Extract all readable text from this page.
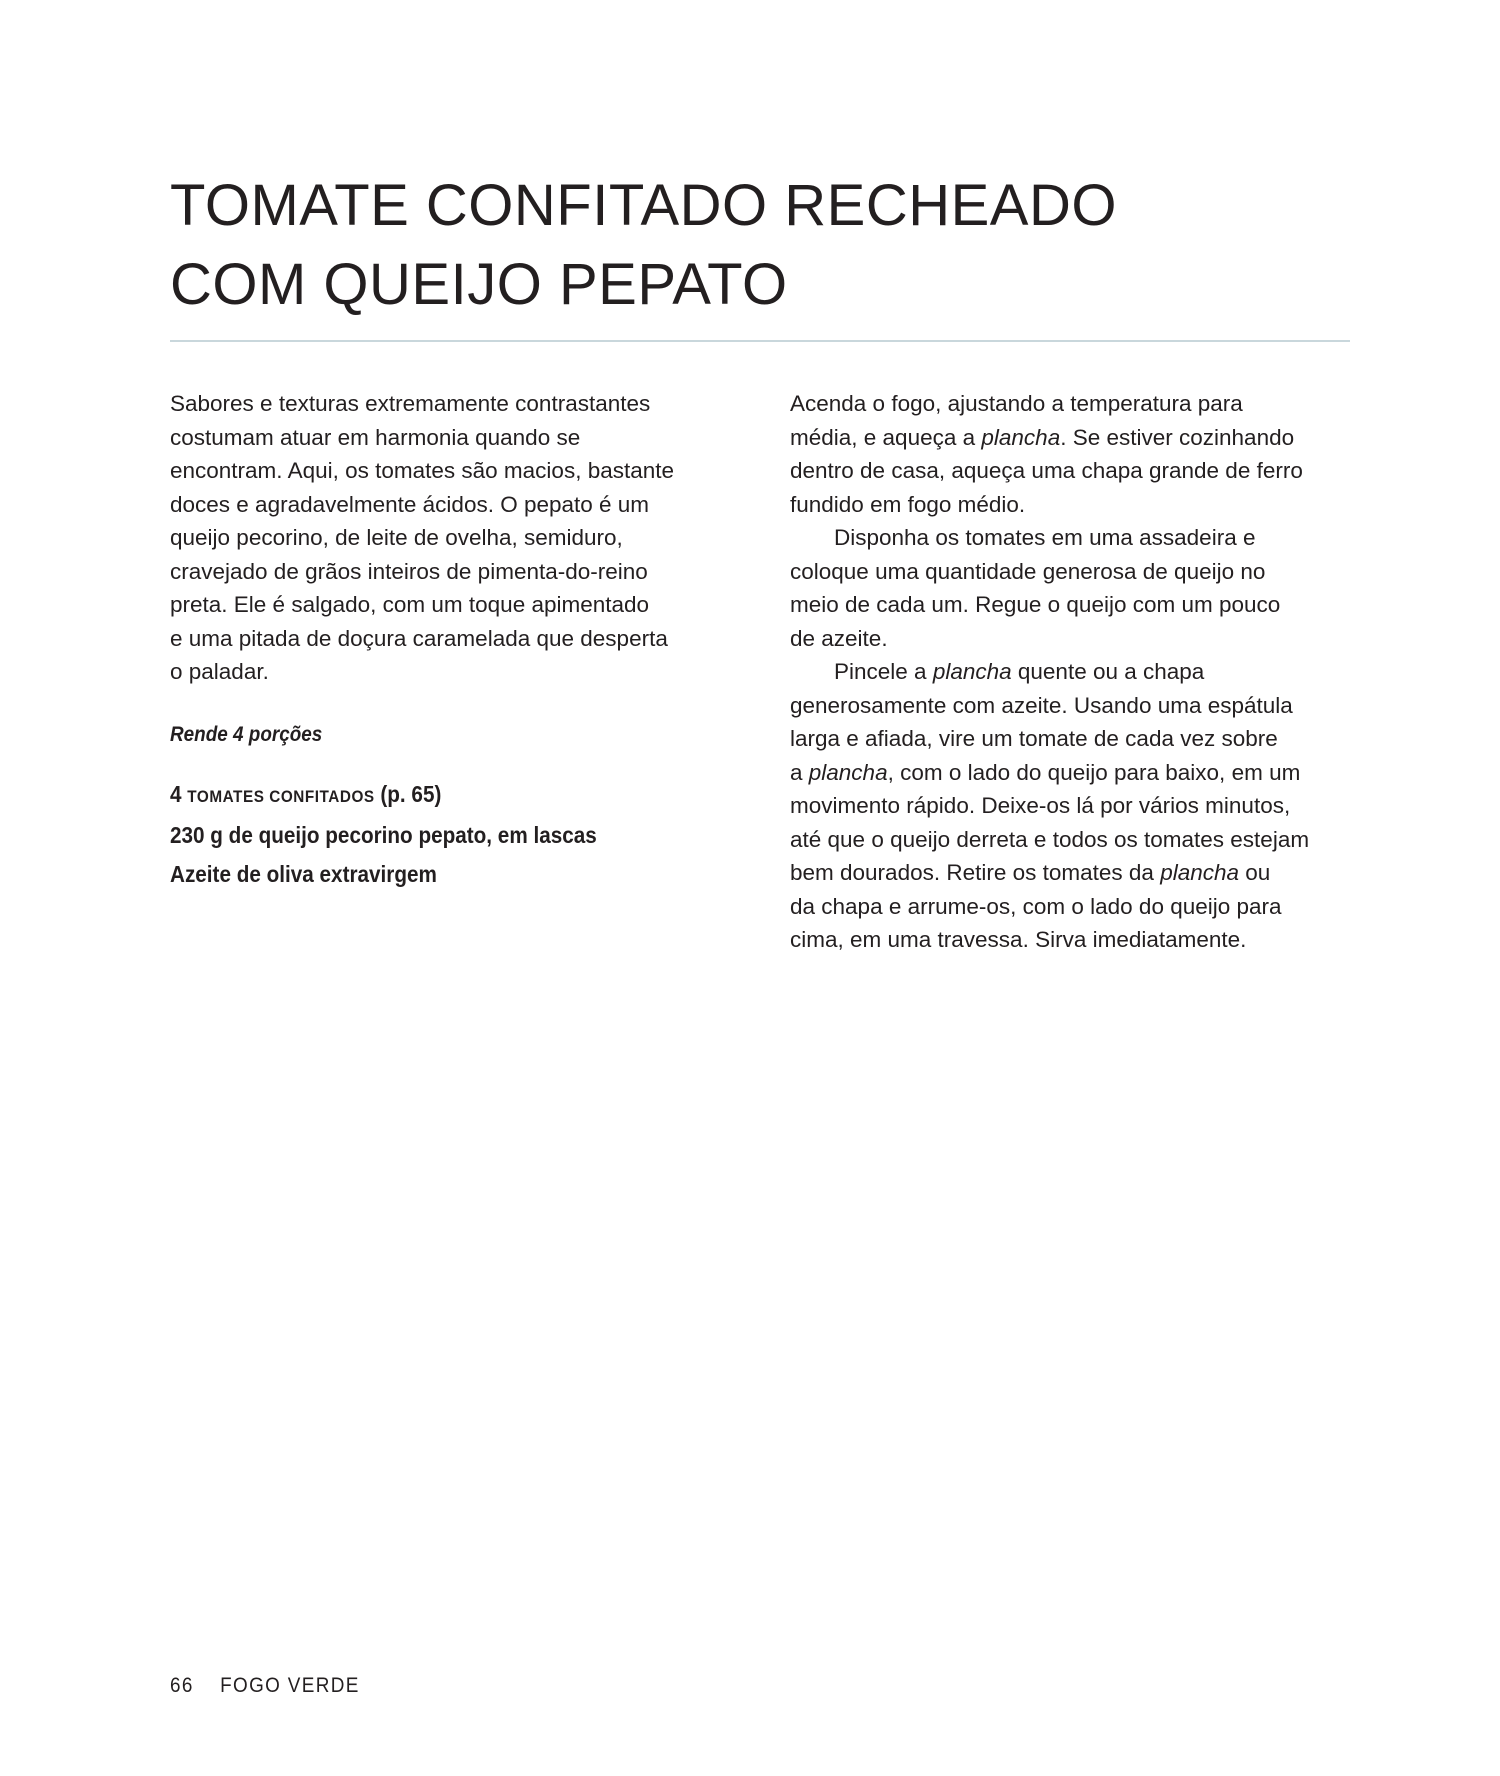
TOMATE CONFITADO RECHEADO
COM QUEIJO PEPATO

Sabores e texturas extremamente contrastantes
costumam atuar em harmonia quando se
encontram. Aqui, os tomates são macios, bastante
doces e agradavelmente ácidos. O pepato é um
queijo pecorino, de leite de ovelha, semiduro,
cravejado de grãos inteiros de pimenta-do-reino
preta. Ele é salgado, com um toque apimentado
e uma pitada de doçura caramelada que desperta
o paladar.

Rende 4 porções

4 TOMATES CONFITADOS (p. 65)
230 g de queijo pecorino pepato, em lascas
Azeite de oliva extravirgem

Acenda o fogo, ajustando a temperatura para
média, e aqueça a plancha. Se estiver cozinhando
dentro de casa, aqueça uma chapa grande de ferro
fundido em fogo médio.

Disponha os tomates em uma assadeira e
coloque uma quantidade generosa de queijo no
meio de cada um. Regue o queijo com um pouco
de azeite.

Pincele a plancha quente ou a chapa
generosamente com azeite. Usando uma espátula
larga e afiada, vire um tomate de cada vez sobre
a plancha, com o lado do queijo para baixo, em um
movimento rápido. Deixe-os lá por vários minutos,
até que o queijo derreta e todos os tomates estejam
bem dourados. Retire os tomates da plancha ou
da chapa e arrume-os, com o lado do queijo para
cima, em uma travessa. Sirva imediatamente.

66 FOGO VERDE
